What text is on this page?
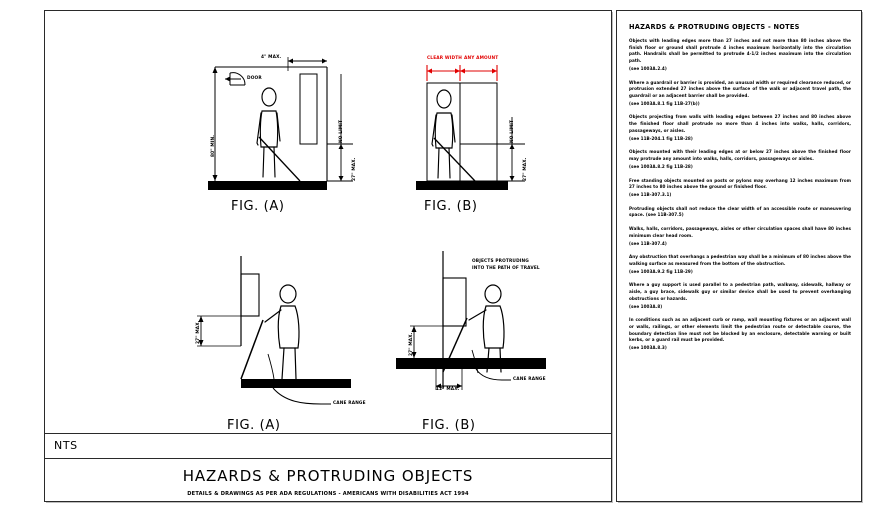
4" MAX.
DOOR
80" MIN.
NO LIMIT
27" MAX.
FIG. (A)
CLEAR WIDTH ANY AMOUNT
NO LIMIT
27" MAX.
FIG. (B)
27" MAX.
CANE RANGE
FIG. (A)
27" MAX.
12" MAX.
CANE RANGE
OBJECTS PROTRUDING
INTO THE PATH OF TRAVEL
FIG. (B)
NTS
HAZARDS & PROTRUDING OBJECTS
DETAILS & DRAWINGS AS PER ADA REGULATIONS - AMERICANS WITH DISABILITIES ACT 1994
HAZARDS & PROTRUDING OBJECTS - NOTES
Objects with leading edges more than 27 inches and not more than 80 inches above the finish floor or ground shall protrude 4 inches maximum horizontally into the circulation path. Handrails shall be permitted to protrude 4-1/2 inches maximum into the circulation path.
(see 1003A.2.4)
Where a guardrail or barrier is provided, an unusual width or required clearance reduced, or protrusion extended 27 inches above the surface of the walk or adjacent travel path, the guardrail or an adjacent barrier shall be provided.
(see 1003A.8.1 fig 11B-27(b))
Objects projecting from walls with leading edges between 27 inches and 80 inches above the finished floor shall protrude no more than 4 inches into walks, halls, corridors, passageways, or aisles.
(see 11B-204.1 fig 11B-28)
Objects mounted with their leading edges at or below 27 inches above the finished floor may protrude any amount into walks, halls, corridors, passageways or aisles.
(see 1003A.8.2 fig 11B-28)
Free standing objects mounted on posts or pylons may overhang 12 inches maximum from 27 inches to 80 inches above the ground or finished floor.
(see 11B-307.3.1)
Protruding objects shall not reduce the clear width of an accessible route or maneuvering space. (see 11B-307.5)
Walks, halls, corridors, passageways, aisles or other circulation spaces shall have 80 inches minimum clear head room.
(see 11B-307.4)
Any obstruction that overhangs a pedestrian way shall be a minimum of 80 inches above the walking surface as measured from the bottom of the obstruction.
(see 1003A.9.2 fig 11B-29)
Where a guy support is used parallel to a pedestrian path, walkway, sidewalk, hallway or aisle, a guy brace, sidewalk guy or similar device shall be used to prevent overhanging obstructions or hazards.
(see 1003A.8)
In conditions such as an adjacent curb or ramp, wall mounting fixtures or an adjacent wall or walls, railings, or other elements limit the pedestrian route or detectable course, the boundary detection line must not be blocked by an enclosure, detectable warning or built kerbs, or a guard rail must be provided.
(see 1003A.8.3)
